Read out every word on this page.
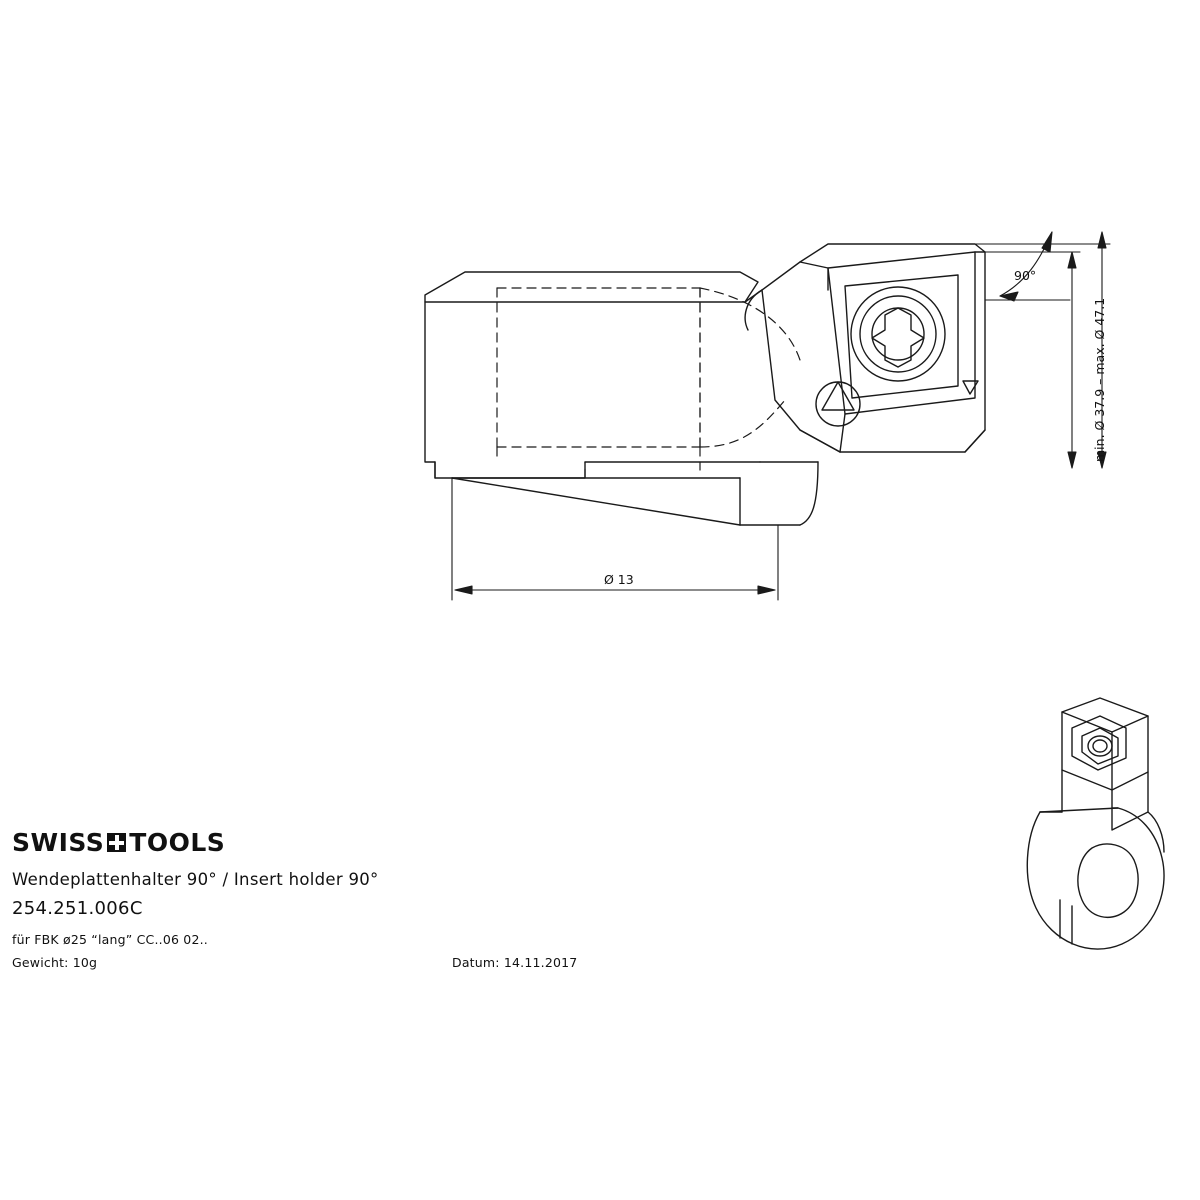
Ø 13
90°
min. Ø 37.9 – max. Ø 47.1
SWISS TOOLS
Wendeplattenhalter 90° / Insert holder 90°
254.251.006C
für FBK ø25 “lang” CC..06 02..
Gewicht: 10g	Datum: 14.11.2017
